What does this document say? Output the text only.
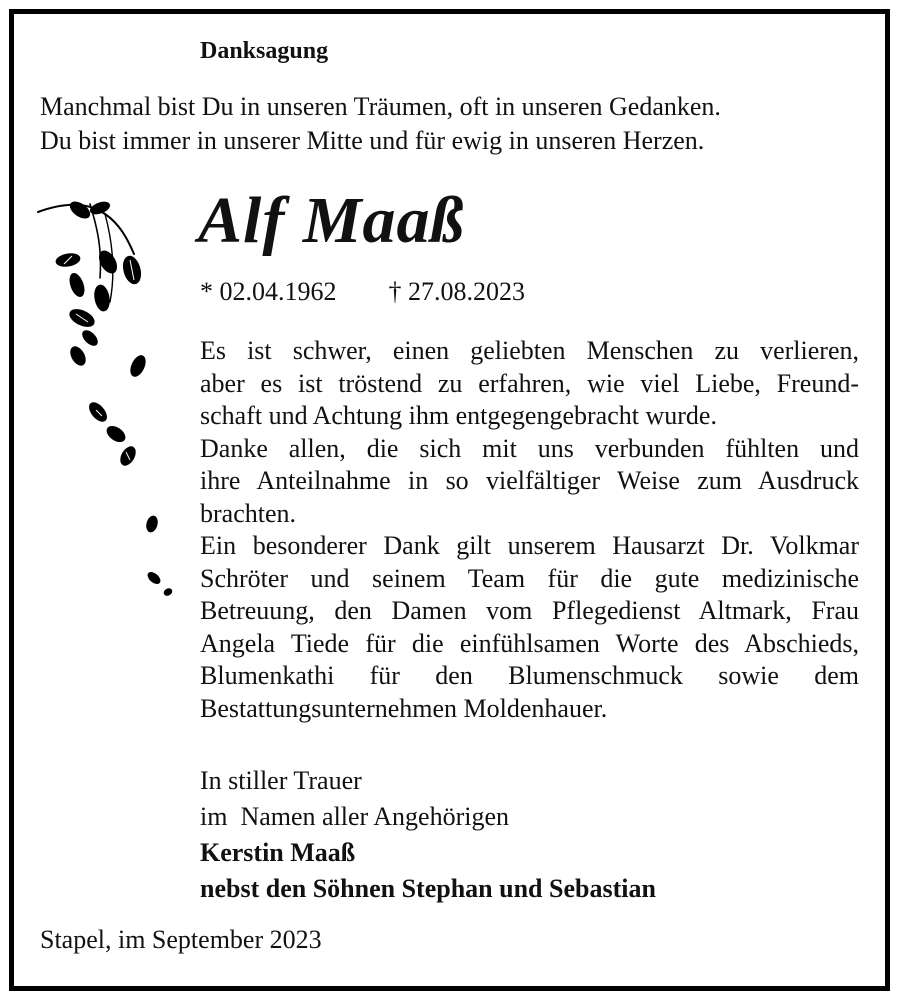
Danksagung
Manchmal bist Du in unseren Träumen, oft in unseren Gedanken.
Du bist immer in unserer Mitte und für ewig in unseren Herzen.
Alf Maaß
* 02.04.1962 † 27.08.2023
Es ist schwer, einen geliebten Menschen zu verlieren,
aber es ist tröstend zu erfahren, wie viel Liebe, Freund-
schaft und Achtung ihm entgegengebracht wurde.
Danke allen, die sich mit uns verbunden fühlten und
ihre Anteilnahme in so vielfältiger Weise zum Ausdruck
brachten.
Ein besonderer Dank gilt unserem Hausarzt Dr. Volkmar
Schröter und seinem Team für die gute medizinische
Betreuung, den Damen vom Pflegedienst Altmark, Frau
Angela Tiede für die einfühlsamen Worte des Abschieds,
Blumenkathi für den Blumenschmuck sowie dem
Bestattungsunternehmen Moldenhauer.
In stiller Trauer
im  Namen aller Angehörigen
Kerstin Maaß
nebst den Söhnen Stephan und Sebastian
Stapel, im September 2023
